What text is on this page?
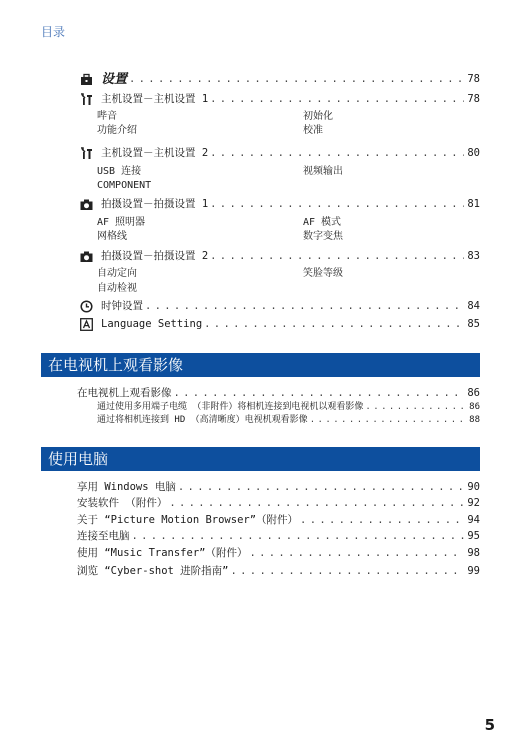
目录
设置 . . .	78
主机设置－主机设置 1 . . .	78
哔音	初始化
功能介绍	校准
主机设置－主机设置 2 . . .	80
USB 连接	视频输出
COMPONENT
拍摄设置－拍摄设置 1 . . .	81
AF 照明器	AF 模式
网格线	数字变焦
拍摄设置－拍摄设置 2 . . .	83
自动定向	笑脸等级
自动检视
时钟设置 . . .	84
Language Setting . . .	85
在电视机上观看影像
在电视机上观看影像 . . .	86
通过使用多用端子电缆 （非附件）将相机连接到电视机以观看影像 . . .	86
通过将相机连接到 HD （高清晰度）电视机观看影像 . . .	88
使用电脑
享用 Windows 电脑 . . .	90
安装软件 （附件） . . .	92
关于 “Picture Motion Browser”（附件） . . .	94
连接至电脑 . . .	95
使用 “Music Transfer”（附件） . . .	98
浏览 “Cyber-shot 进阶指南” . . .	99
5
